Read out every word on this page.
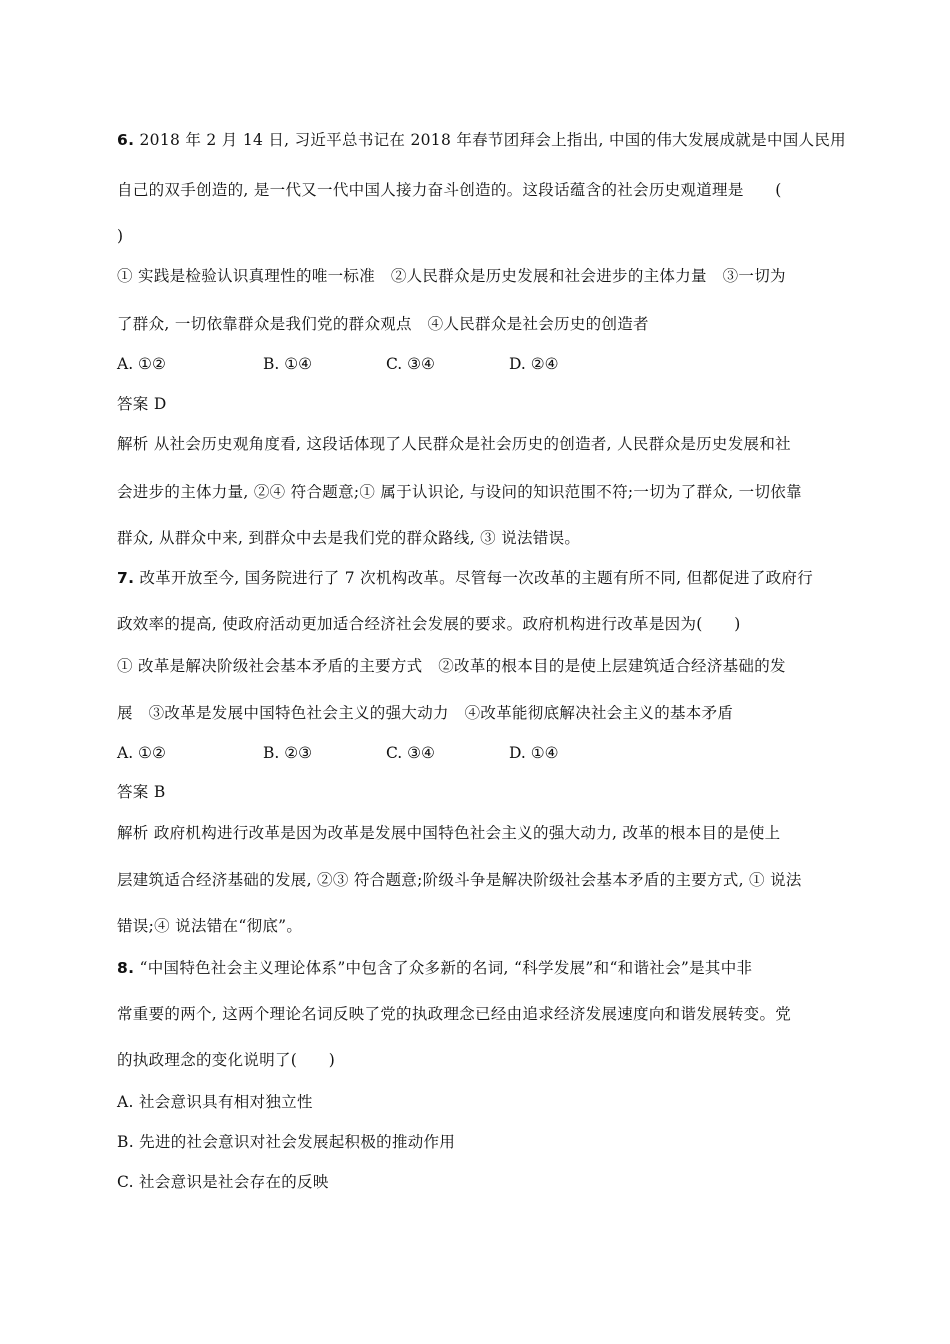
6. 2018 年 2 月 14 日, 习近平总书记在 2018 年春节团拜会上指出, 中国的伟大发展成就是中国人民用
自己的双手创造的, 是一代又一代中国人接力奋斗创造的。这段话蕴含的社会历史观道理是　　(
)
① 实践是检验认识真理性的唯一标准　②人民群众是历史发展和社会进步的主体力量　③一切为
了群众, 一切依靠群众是我们党的群众观点　④人民群众是社会历史的创造者
A. ①②	B. ①④	C. ③④	D. ②④
答案 D
解析 从社会历史观角度看, 这段话体现了人民群众是社会历史的创造者, 人民群众是历史发展和社
会进步的主体力量, ②④ 符合题意;① 属于认识论, 与设问的知识范围不符;一切为了群众, 一切依靠
群众, 从群众中来, 到群众中去是我们党的群众路线, ③ 说法错误。
7. 改革开放至今, 国务院进行了 7 次机构改革。尽管每一次改革的主题有所不同, 但都促进了政府行
政效率的提高, 使政府活动更加适合经济社会发展的要求。政府机构进行改革是因为(　　)
① 改革是解决阶级社会基本矛盾的主要方式　②改革的根本目的是使上层建筑适合经济基础的发
展　③改革是发展中国特色社会主义的强大动力　④改革能彻底解决社会主义的基本矛盾
A. ①②	B. ②③	C. ③④	D. ①④
答案 B
解析 政府机构进行改革是因为改革是发展中国特色社会主义的强大动力, 改革的根本目的是使上
层建筑适合经济基础的发展, ②③ 符合题意;阶级斗争是解决阶级社会基本矛盾的主要方式, ① 说法
错误;④ 说法错在“彻底”。
8. “中国特色社会主义理论体系”中包含了众多新的名词, “科学发展”和“和谐社会”是其中非
常重要的两个, 这两个理论名词反映了党的执政理念已经由追求经济发展速度向和谐发展转变。党
的执政理念的变化说明了(　　)
A. 社会意识具有相对独立性
B. 先进的社会意识对社会发展起积极的推动作用
C. 社会意识是社会存在的反映
